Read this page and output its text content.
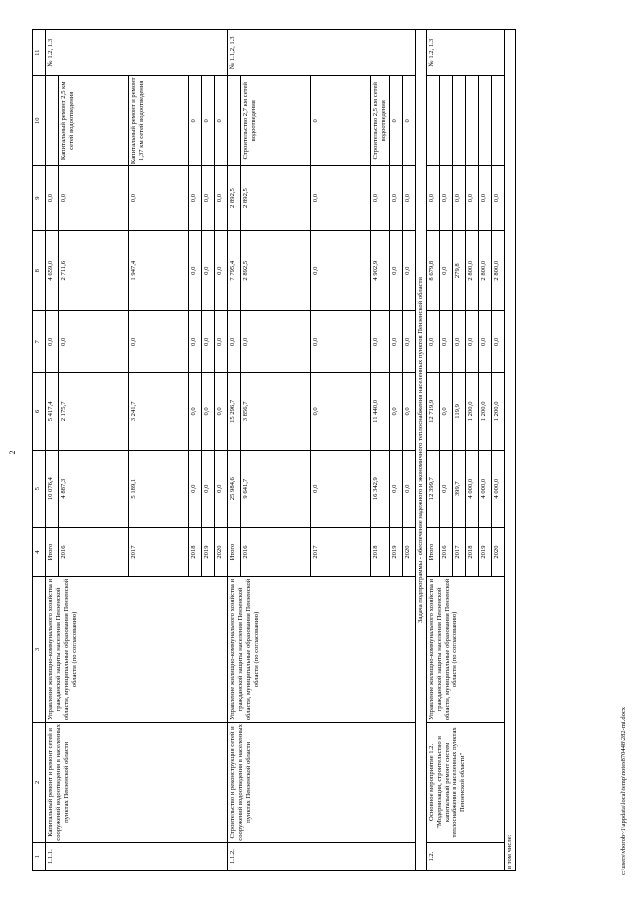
2
1	2	3	4	5	6	7	8	9	10	11
1.1.1.	Капитальный ремонт и ремонт сетей и сооружений водоотведения в населенных пунктах Пензенской области	Управление жилищно-коммунального хозяйства и гражданской защиты населения Пензенской области, муниципальные образования Пензенской области (по согласованию)	Итого	10 076,4	5 417,4	0,0	4 659,0	0,0		№ 1.2, 1.3
			2016	4 887,3	2 175,7	0,0	2 711,6	0,0	Капитальный ремонт 2,5 км сетей водоотведения	
			2017	5 189,1	3 241,7	0,0	1 947,4	0,0	Капитальный ремонт и ремонт 1,37 км сетей водоотведения	
			2018	0,0	0,0	0,0	0,0	0,0	0	
			2019	0,0	0,0	0,0	0,0	0,0	0	
			2020	0,0	0,0	0,0	0,0	0,0	0	
1.1.2.	Строительство и реконструкция сетей и сооружений водоотведения в населенных пунктах Пензенской области	Управление жилищно-коммунального хозяйства и гражданской защиты населения Пензенской области, муниципальные образования Пензенской области (по согласованию)	Итого	25 984,6	15 296,7	0,0	7 795,4	2 892,5		№ 1.1,2, 1.3
			2016	9 641,7	3 856,7	0,0	2 892,5	2 892,5	Строительство 2,7 км сетей водоотведения	
			2017	0,0	0,0	0,0	0,0	0,0	0	
			2018	16 342,9	11 440,0	0,0	4 902,9	0,0	Строительство 2,5 км сетей водоотведения	
			2019	0,0	0,0	0,0	0,0	0,0	0	
			2020	0,0	0,0	0,0	0,0	0,0	0	
Задача подпрограммы - обеспечение надежного и экономичного теплоснабжения населенных пунктов Пензенской области										
1.2.	Основное мероприятие 1.2. "Модернизация, строительство и капитальный ремонт систем теплоснабжения в населенных пунктах Пензенской области"	Управление жилищно-коммунального хозяйства и гражданской защиты населения Пензенской области, муниципальные образования Пензенской области (по согласованию)	Итого	12 399,7	12 719,9	0,0	8 679,8	0,0		№ 1.2, 1.3
			2016	0,0	0,0	0,0	0,0	0,0		
			2017	399,7	119,9	0,0	279,8	0,0		
			2018	4 000,0	1 200,0	0,0	2 800,0	0,0		
			2019	4 000,0	1 200,0	0,0	2 800,0	0,0		
			2020	4 000,0	1 200,0	0,0	2 800,0	0,0		
в том числе:											c:\users\vborob~1\appdata\local\temp\notes870448\282-mi.docx
